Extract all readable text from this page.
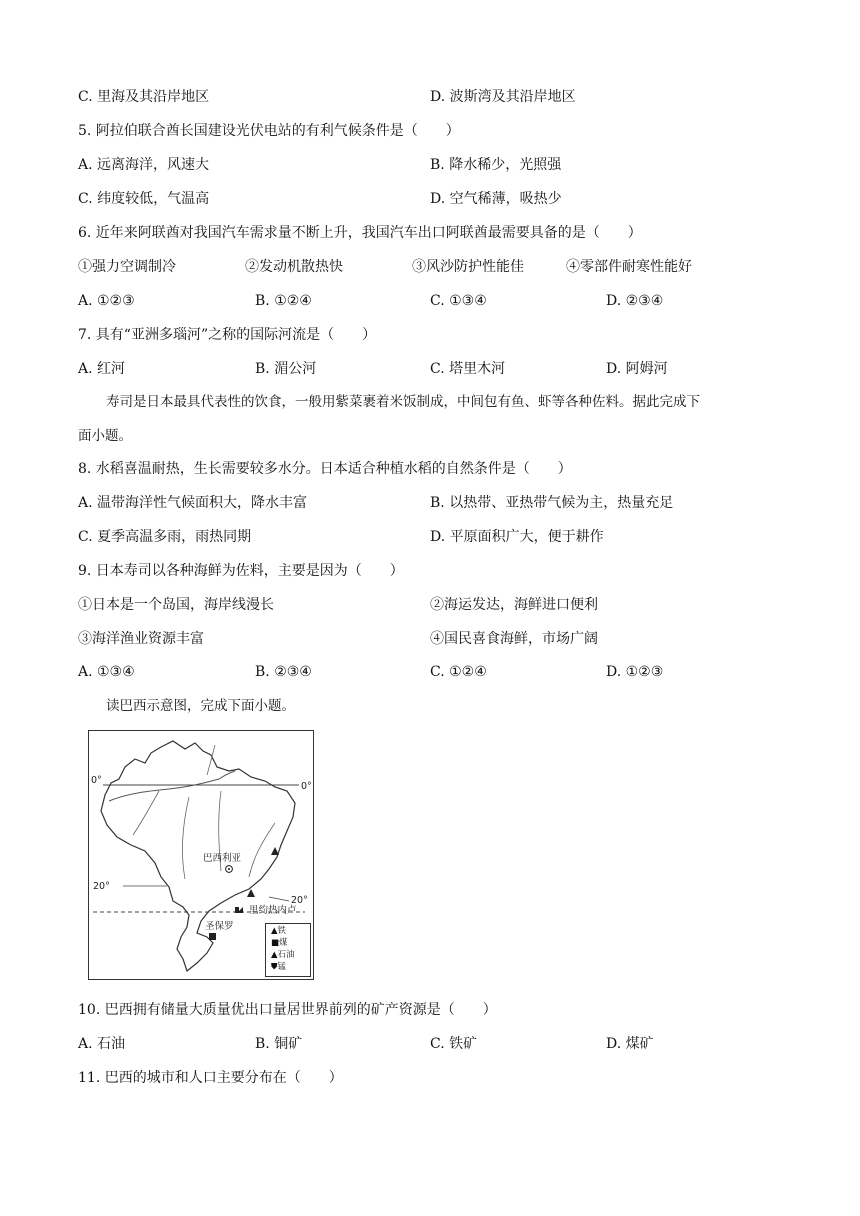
C. 里海及其沿岸地区	D. 波斯湾及其沿岸地区
5. 阿拉伯联合酋长国建设光伏电站的有利气候条件是（　　）
A. 远离海洋，风速大	B. 降水稀少，光照强
C. 纬度较低，气温高	D. 空气稀薄，吸热少
6. 近年来阿联酋对我国汽车需求量不断上升，我国汽车出口阿联酋最需要具备的是（　　）
①强力空调制冷	②发动机散热快	③风沙防护性能佳	④零部件耐寒性能好
A. ①②③	B. ①②④	C. ①③④	D. ②③④
7. 具有“亚洲多瑙河”之称的国际河流是（　　）
A. 红河	B. 湄公河	C. 塔里木河	D. 阿姆河
寿司是日本最具代表性的饮食，一般用紫菜裹着米饭制成，中间包有鱼、虾等各种佐料。据此完成下
面小题。
8. 水稻喜温耐热，生长需要较多水分。日本适合种植水稻的自然条件是（　　）
A. 温带海洋性气候面积大，降水丰富	B. 以热带、亚热带气候为主，热量充足
C. 夏季高温多雨，雨热同期	D. 平原面积广大，便于耕作
9. 日本寿司以各种海鲜为佐料，主要是因为（　　）
①日本是一个岛国，海岸线漫长	②海运发达，海鲜进口便利
③海洋渔业资源丰富	④国民喜食海鲜，市场广阔
A. ①③④	B. ②③④	C. ①②④	D. ①②③
读巴西示意图，完成下面小题。
0°
0°
20°
20°
巴西利亚
里约热内卢
圣保罗	▲铁
■煤
▲石油
⛊锰
10. 巴西拥有储量大质量优出口量居世界前列的矿产资源是（　　）
A. 石油	B. 铜矿	C. 铁矿	D. 煤矿
11. 巴西的城市和人口主要分布在（　　）
